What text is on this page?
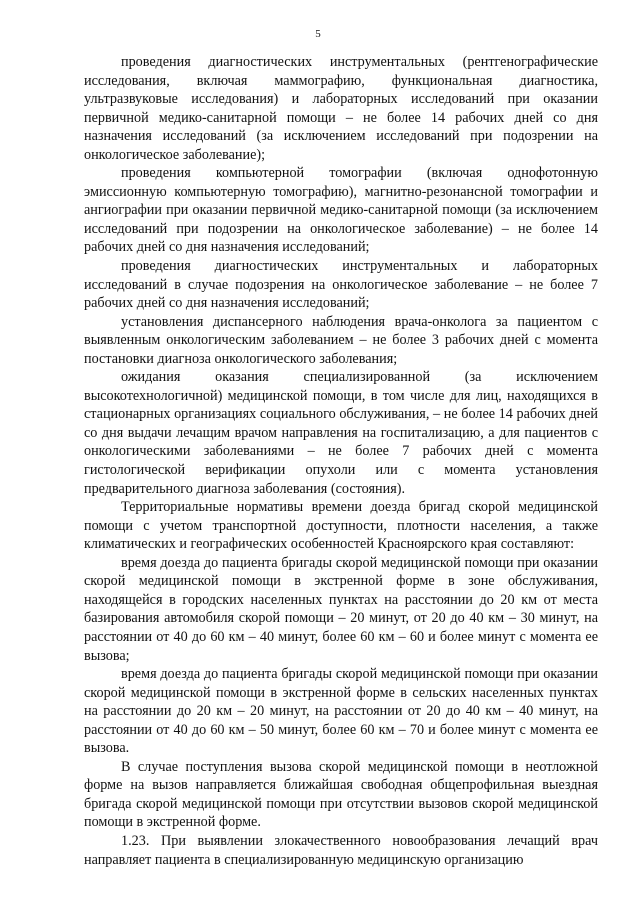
5

проведения диагностических инструментальных (рентгенографические исследования, включая маммографию, функциональная диагностика, ультразвуковые исследования) и лабораторных исследований при оказании первичной медико-санитарной помощи – не более 14 рабочих дней со дня назначения исследований (за исключением исследований при подозрении на онкологическое заболевание);

проведения компьютерной томографии (включая однофотонную эмиссионную компьютерную томографию), магнитно-резонансной томографии и ангиографии при оказании первичной медико-санитарной помощи (за исключением исследований при подозрении на онкологическое заболевание) – не более 14 рабочих дней со дня назначения исследований;

проведения диагностических инструментальных и лабораторных исследований в случае подозрения на онкологическое заболевание – не более 7 рабочих дней со дня назначения исследований;

установления диспансерного наблюдения врача-онколога за пациентом с выявленным онкологическим заболеванием – не более 3 рабочих дней с момента постановки диагноза онкологического заболевания;

ожидания оказания специализированной (за исключением высокотехнологичной) медицинской помощи, в том числе для лиц, находящихся в стационарных организациях социального обслуживания, – не более 14 рабочих дней со дня выдачи лечащим врачом направления на госпитализацию, а для пациентов с онкологическими заболеваниями – не более 7 рабочих дней с момента гистологической верификации опухоли или с момента установления предварительного диагноза заболевания (состояния).

Территориальные нормативы времени доезда бригад скорой медицинской помощи с учетом транспортной доступности, плотности населения, а также климатических и географических особенностей Красноярского края составляют:

время доезда до пациента бригады скорой медицинской помощи при оказании скорой медицинской помощи в экстренной форме в зоне обслуживания, находящейся в городских населенных пунктах на расстоянии до 20 км от места базирования автомобиля скорой помощи – 20 минут, от 20 до 40 км – 30 минут, на расстоянии от 40 до 60 км – 40 минут, более 60 км – 60 и более минут с момента ее вызова;

время доезда до пациента бригады скорой медицинской помощи при оказании скорой медицинской помощи в экстренной форме в сельских населенных пунктах на расстоянии до 20 км – 20 минут, на расстоянии от 20 до 40 км – 40 минут, на расстоянии от 40 до 60 км – 50 минут, более 60 км – 70 и более минут с момента ее вызова.

В случае поступления вызова скорой медицинской помощи в неотложной форме на вызов направляется ближайшая свободная общепрофильная выездная бригада скорой медицинской помощи при отсутствии вызовов скорой медицинской помощи в экстренной форме.

1.23. При выявлении злокачественного новообразования лечащий врач направляет пациента в специализированную медицинскую организацию
